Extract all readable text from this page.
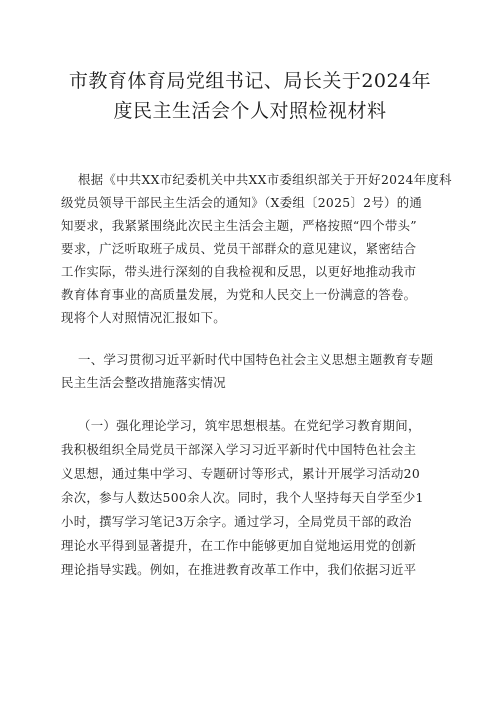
市教育体育局党组书记、局长关于2024年
度民主生活会个人对照检视材料
根据《中共XX市纪委机关中共XX市委组织部关于开好2024年度科
级党员领导干部民主生活会的通知》（X委组〔2025〕2号）的通
知要求，我紧紧围绕此次民主生活会主题，严格按照“四个带头”
要求，广泛听取班子成员、党员干部群众的意见建议，紧密结合
工作实际，带头进行深刻的自我检视和反思，以更好地推动我市
教育体育事业的高质量发展，为党和人民交上一份满意的答卷。
现将个人对照情况汇报如下。
一、学习贯彻习近平新时代中国特色社会主义思想主题教育专题
民主生活会整改措施落实情况
（一）强化理论学习，筑牢思想根基。在党纪学习教育期间，
我积极组织全局党员干部深入学习习近平新时代中国特色社会主
义思想，通过集中学习、专题研讨等形式，累计开展学习活动20
余次，参与人数达500余人次。同时，我个人坚持每天自学至少1
小时，撰写学习笔记3万余字。通过学习，全局党员干部的政治
理论水平得到显著提升，在工作中能够更加自觉地运用党的创新
理论指导实践。例如，在推进教育改革工作中，我们依据习近平
